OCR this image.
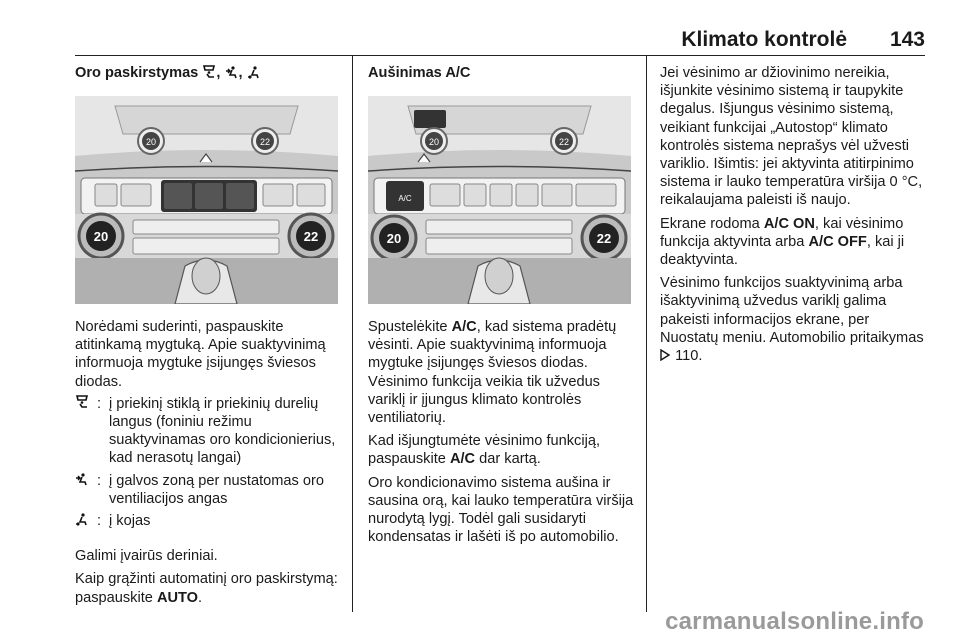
Klimato kontrolė 143
Oro paskirstymas , ,
20	22
20	22

Norėdami suderinti, paspauskite atitinkamą mygtuką. Apie suaktyvinimą informuoja mygtuke įsijungęs šviesos diodas.

: į priekinį stiklą ir priekinių durelių langus (foniniu režimu suaktyvinamas oro kondicionierius, kad nerasotų langai)
: į galvos zoną per nustatomas oro ventiliacijos angas
: į kojas

Galimi įvairūs deriniai.

Kaip grąžinti automatinį oro paskirstymą: paspauskite AUTO.

Aušinimas A/C
20	22
A/C
20	22

Spustelėkite A/C, kad sistema pradėtų vėsinti. Apie suaktyvinimą informuoja mygtuke įsijungęs šviesos diodas. Vėsinimo funkcija veikia tik užvedus variklį ir įjungus klimato kontrolės ventiliatorių.

Kad išjungtumėte vėsinimo funkciją, paspauskite A/C dar kartą.

Oro kondicionavimo sistema aušina ir sausina orą, kai lauko temperatūra viršija nurodytą lygį. Todėl gali susidaryti kondensatas ir lašėti iš po automobilio.

Jei vėsinimo ar džiovinimo nereikia, išjunkite vėsinimo sistemą ir taupykite degalus. Išjungus vėsinimo sistemą, veikiant funkcijai „Autostop“ klimato kontrolės sistema neprašys vėl užvesti variklio. Išimtis: jei aktyvinta atitirpinimo sistema ir lauko temperatūra viršija 0 °C, reikalaujama paleisti iš naujo.

Ekrane rodoma A/C ON, kai vėsinimo funkcija aktyvinta arba A/C OFF, kai ji deaktyvinta.

Vėsinimo funkcijos suaktyvinimą arba išaktyvinimą užvedus variklį galima pakeisti informacijos ekrane, per Nuostatų meniu. Automobilio pritaikymas  110.

carmanualsonline.info
